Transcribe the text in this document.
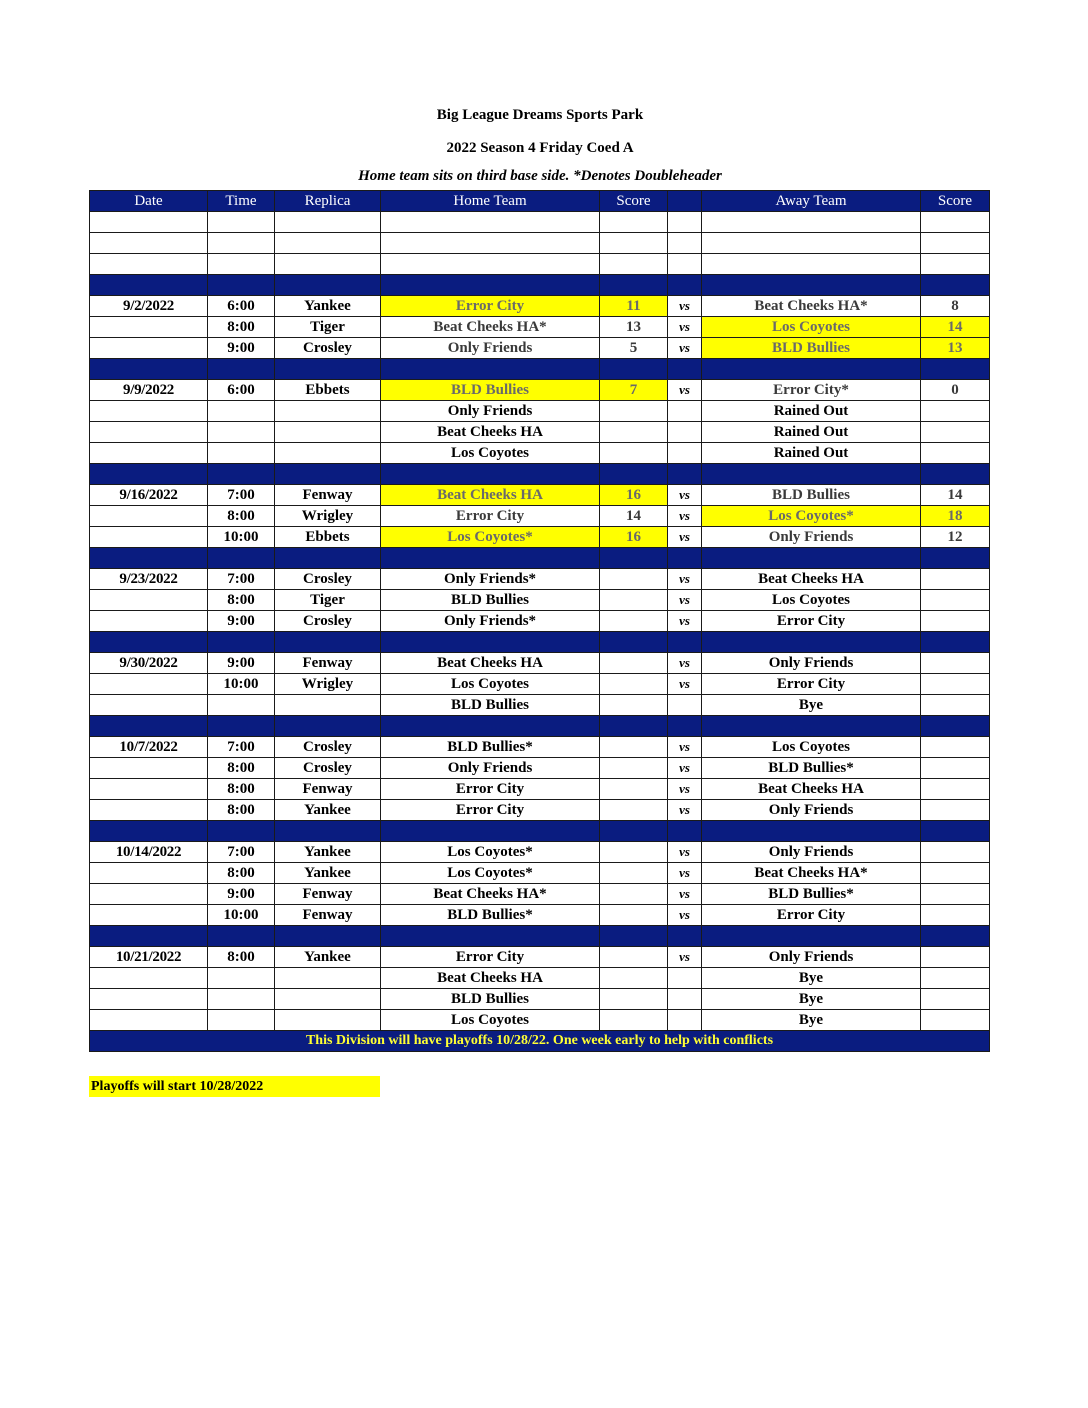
Big League Dreams Sports Park
2022 Season 4 Friday Coed A
Home team sits on third base side. *Denotes Doubleheader
Date	Time	Replica	Home Team	Score		Away Team	Score

9/2/2022	6:00	Yankee	Error City	11	vs	Beat Cheeks HA*	8
	8:00	Tiger	Beat Cheeks HA*	13	vs	Los Coyotes	14
	9:00	Crosley	Only Friends	5	vs	BLD Bullies	13

9/9/2022	6:00	Ebbets	BLD Bullies	7	vs	Error City*	0
			Only Friends			Rained Out	
			Beat Cheeks HA			Rained Out	
			Los Coyotes			Rained Out	

9/16/2022	7:00	Fenway	Beat Cheeks HA	16	vs	BLD Bullies	14
	8:00	Wrigley	Error City	14	vs	Los Coyotes*	18
	10:00	Ebbets	Los Coyotes*	16	vs	Only Friends	12

9/23/2022	7:00	Crosley	Only Friends*		vs	Beat Cheeks HA	
	8:00	Tiger	BLD Bullies		vs	Los Coyotes	
	9:00	Crosley	Only Friends*		vs	Error City	

9/30/2022	9:00	Fenway	Beat Cheeks HA		vs	Only Friends	
	10:00	Wrigley	Los Coyotes		vs	Error City	
			BLD Bullies			Bye	

10/7/2022	7:00	Crosley	BLD Bullies*		vs	Los Coyotes	
	8:00	Crosley	Only Friends		vs	BLD Bullies*	
	8:00	Fenway	Error City		vs	Beat Cheeks HA	
	8:00	Yankee	Error City		vs	Only Friends	

10/14/2022	7:00	Yankee	Los Coyotes*		vs	Only Friends	
	8:00	Yankee	Los Coyotes*		vs	Beat Cheeks HA*	
	9:00	Fenway	Beat Cheeks HA*		vs	BLD Bullies*	
	10:00	Fenway	BLD Bullies*		vs	Error City	

10/21/2022	8:00	Yankee	Error City		vs	Only Friends	
			Beat Cheeks HA			Bye	
			BLD Bullies			Bye	
			Los Coyotes			Bye	
This Division will have playoffs 10/28/22. One week early to help with conflicts							
Playoffs will start 10/28/2022
